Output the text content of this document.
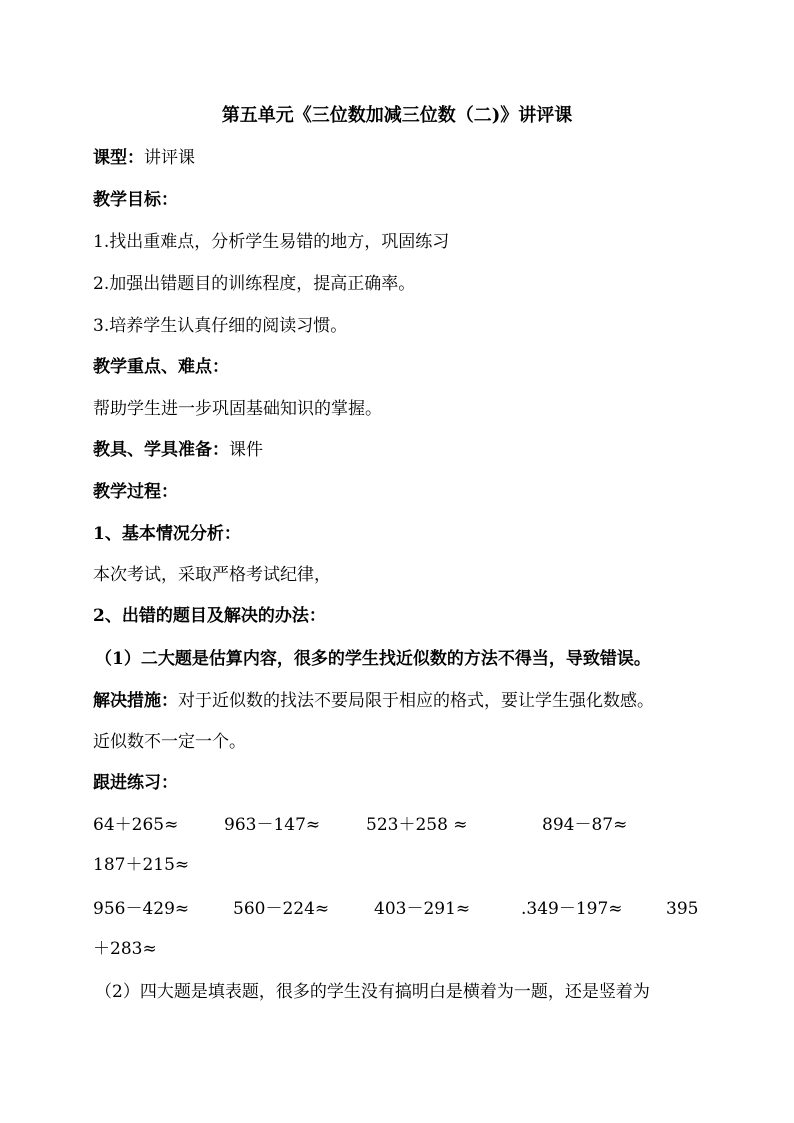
第五单元《三位数加减三位数（二)》讲评课
课型：讲评课
教学目标：
1.找出重难点，分析学生易错的地方，巩固练习
2.加强出错题目的训练程度，提高正确率。
3.培养学生认真仔细的阅读习惯。
教学重点、难点：
帮助学生进一步巩固基础知识的掌握。
教具、学具准备：课件
教学过程：
1、基本情况分析：
本次考试，采取严格考试纪律，
2、出错的题目及解决的办法：
（1）二大题是估算内容，很多的学生找近似数的方法不得当，导致错误。
解决措施：对于近似数的找法不要局限于相应的格式，要让学生强化数感。
近似数不一定一个。
跟进练习：
64＋265≈	963－147≈	523＋258 ≈	894－87≈
187＋215≈
956－429≈	560－224≈	403－291≈	.349－197≈	395
＋283≈
（2）四大题是填表题，很多的学生没有搞明白是横着为一题，还是竖着为
